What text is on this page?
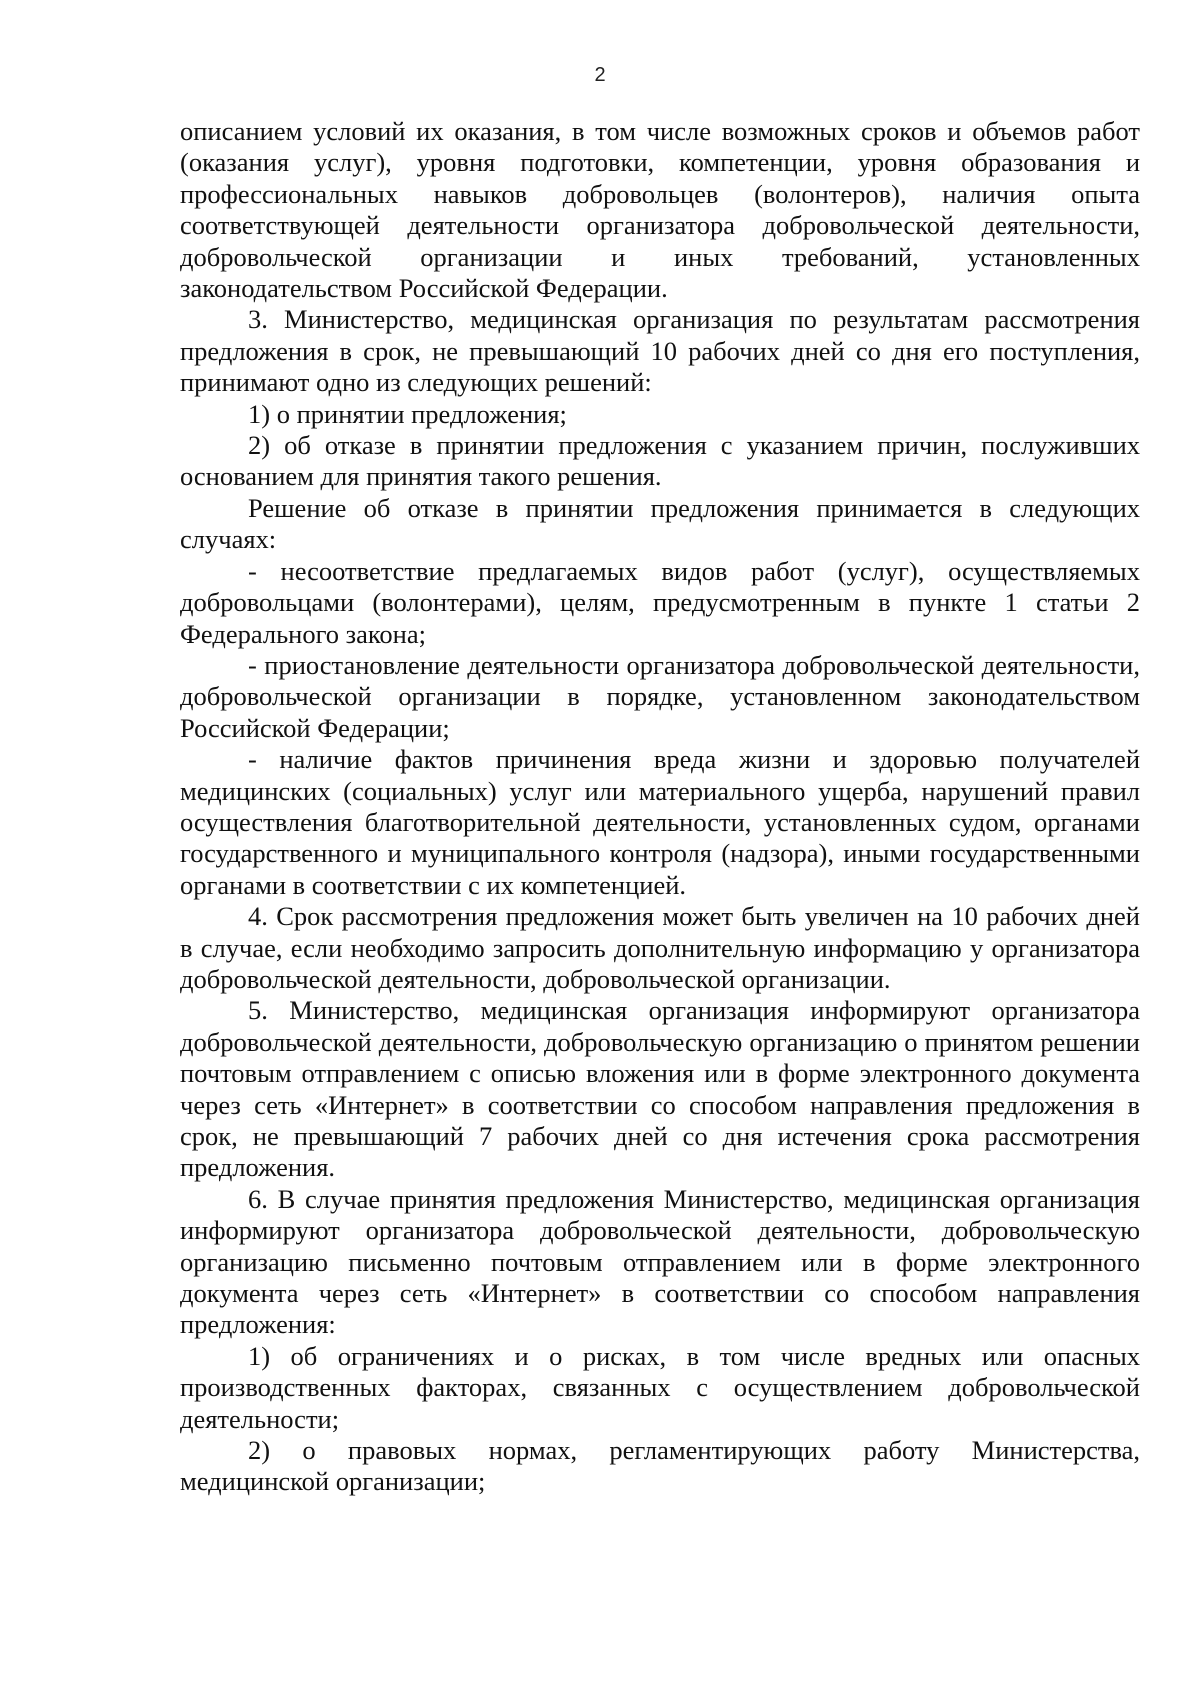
2

описанием условий их оказания, в том числе возможных сроков и объемов работ (оказания услуг), уровня подготовки, компетенции, уровня образования и профессиональных навыков добровольцев (волонтеров), наличия опыта соответствующей деятельности организатора добровольческой деятельности, добровольческой организации и иных требований, установленных законодательством Российской Федерации.

3. Министерство, медицинская организация по результатам рассмотрения предложения в срок, не превышающий 10 рабочих дней со дня его поступления, принимают одно из следующих решений:

1) о принятии предложения;

2) об отказе в принятии предложения с указанием причин, послуживших основанием для принятия такого решения.

Решение об отказе в принятии предложения принимается в следующих случаях:

- несоответствие предлагаемых видов работ (услуг), осуществляемых добровольцами (волонтерами), целям, предусмотренным в пункте 1 статьи 2 Федерального закона;

- приостановление деятельности организатора добровольческой деятельности, добровольческой организации в порядке, установленном законодательством Российской Федерации;

- наличие фактов причинения вреда жизни и здоровью получателей медицинских (социальных) услуг или материального ущерба, нарушений правил осуществления благотворительной деятельности, установленных судом, органами государственного и муниципального контроля (надзора), иными государственными органами в соответствии с их компетенцией.

4. Срок рассмотрения предложения может быть увеличен на 10 рабочих дней в случае, если необходимо запросить дополнительную информацию у организатора добровольческой деятельности, добровольческой организации.

5. Министерство, медицинская организация информируют организатора добровольческой деятельности, добровольческую организацию о принятом решении почтовым отправлением с описью вложения или в форме электронного документа через сеть «Интернет» в соответствии со способом направления предложения в срок, не превышающий 7 рабочих дней со дня истечения срока рассмотрения предложения.

6. В случае принятия предложения Министерство, медицинская организация информируют организатора добровольческой деятельности, добровольческую организацию письменно почтовым отправлением или в форме электронного документа через сеть «Интернет» в соответствии со способом направления предложения:

1) об ограничениях и о рисках, в том числе вредных или опасных производственных факторах, связанных с осуществлением добровольческой деятельности;

2) о правовых нормах, регламентирующих работу Министерства, медицинской организации;
